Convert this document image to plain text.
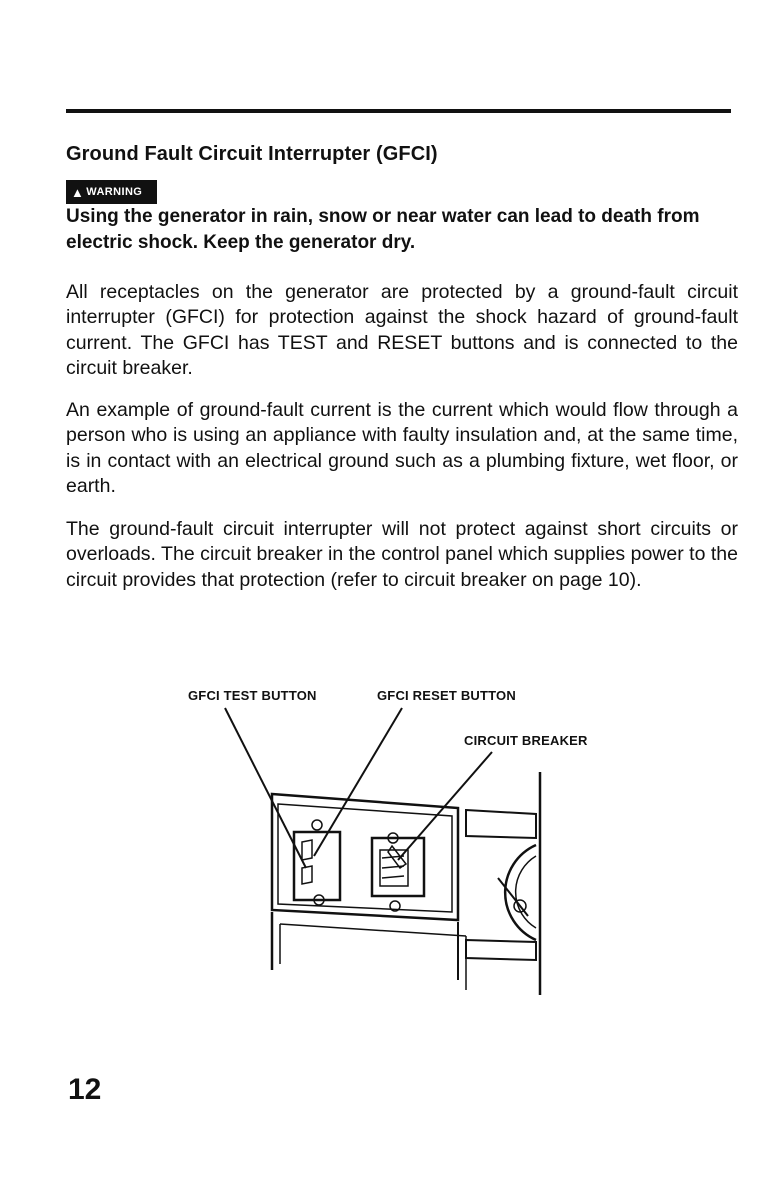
Ground Fault Circuit Interrupter (GFCI)
▲ WARNING
Using the generator in rain, snow or near water can lead to death from electric shock. Keep the generator dry.
All receptacles on the generator are protected by a ground-fault circuit interrupter (GFCI) for protection against the shock hazard of ground-fault current. The GFCI has TEST and RESET buttons and is connected to the circuit breaker.
An example of ground-fault current is the current which would flow through a person who is using an appliance with faulty insulation and, at the same time, is in contact with an electrical ground such as a plumbing fixture, wet floor, or earth.
The ground-fault circuit interrupter will not protect against short circuits or overloads. The circuit breaker in the control panel which supplies power to the circuit provides that protection (refer to circuit breaker on page 10).
GFCI TEST BUTTON	GFCI RESET BUTTON
CIRCUIT BREAKER
12
